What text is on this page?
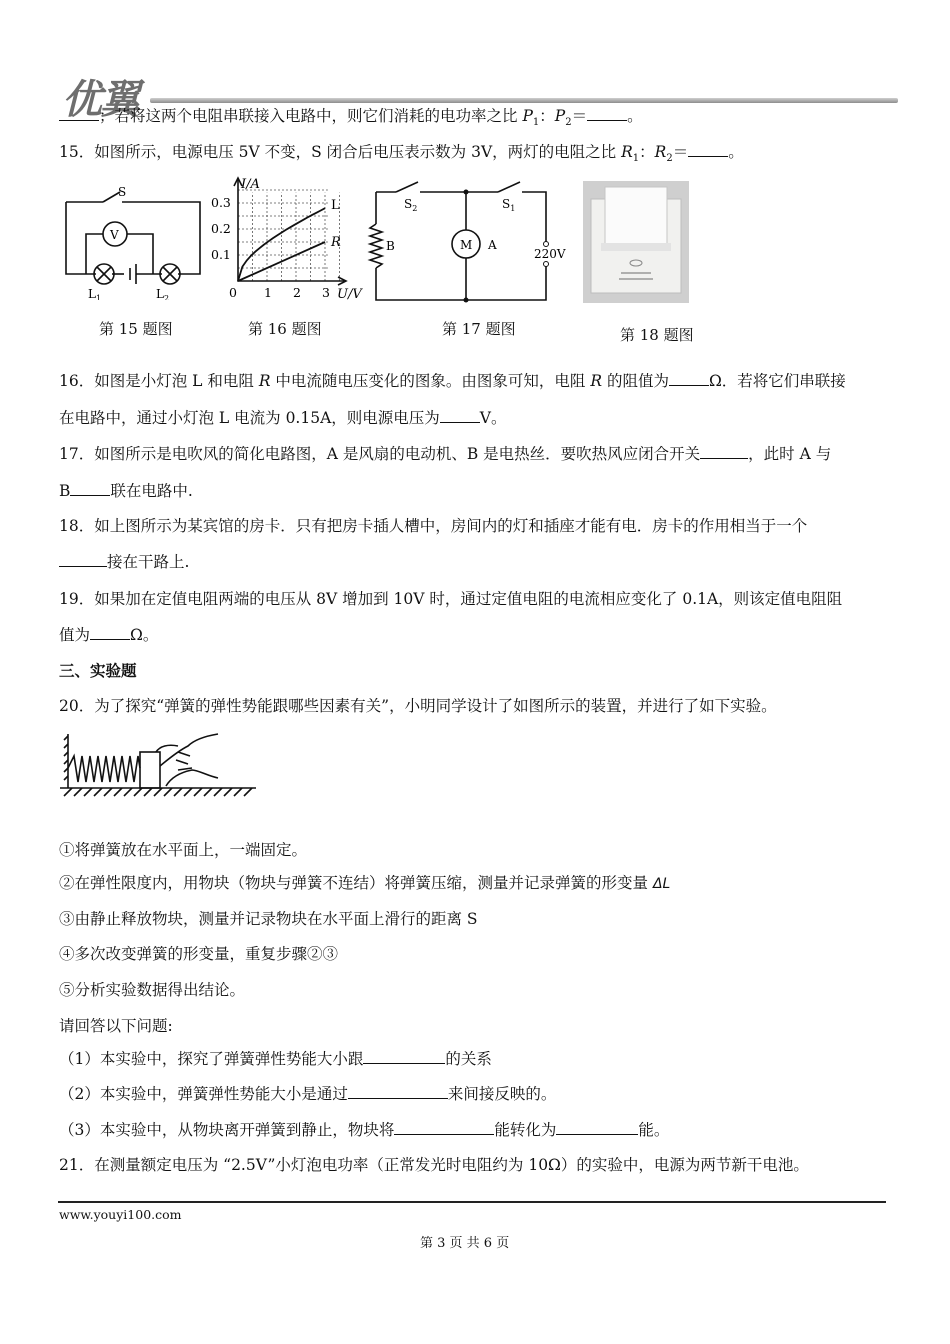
优翼
；若将这两个电阻串联接入电路中，则它们消耗的电功率之比 $P_1$：$P_2=$	。
15．如图所示，电源电压 5V 不变，S 闭合后电压表示数为 3V，两灯的电阻之比 $R_1$：$R_2=$	。
S
V
$L_1$	$L_2$
I/A
U/V
0.3
0.2
0.1
0 1 2 3
L
R
$S_2$	$S_1$
B	M A
220V
第 15 题图	第 16 题图	第 17 题图	第 18 题图
16．如图是小灯泡 L 和电阻 R 中电流随电压变化的图象。由图象可知，电阻 R 的阻值为	Ω．若将它们串联接
在电路中，通过小灯泡 L 电流为 0.15A，则电源电压为	V。
17．如图所示是电吹风的简化电路图，A 是风扇的电动机、B 是电热丝．要吹热风应闭合开关	，此时 A 与
B	联在电路中.
18．如上图所示为某宾馆的房卡．只有把房卡插人槽中，房间内的灯和插座才能有电．房卡的作用相当于一个
接在干路上.
19．如果加在定值电阻两端的电压从 8V 增加到 10V 时，通过定值电阻的电流相应变化了 0.1A，则该定值电阻阻
值为	Ω。
三、实验题
20．为了探究“弹簧的弹性势能跟哪些因素有关”，小明同学设计了如图所示的装置，并进行了如下实验。
①将弹簧放在水平面上，一端固定。
②在弹性限度内，用物块（物块与弹簧不连结）将弹簧压缩，测量并记录弹簧的形变量 ΔL
③由静止释放物块，测量并记录物块在水平面上滑行的距离 S
④多次改变弹簧的形变量，重复步骤②③
⑤分析实验数据得出结论。
请回答以下问题:
（1）本实验中，探究了弹簧弹性势能大小跟	的关系
（2）本实验中，弹簧弹性势能大小是通过	来间接反映的。
（3）本实验中，从物块离开弹簧到静止，物块将	能转化为	能。
21．在测量额定电压为 “2.5V”小灯泡电功率（正常发光时电阻约为 10Ω）的实验中，电源为两节新干电池。
www.youyi100.com
第 3 页 共 6 页
